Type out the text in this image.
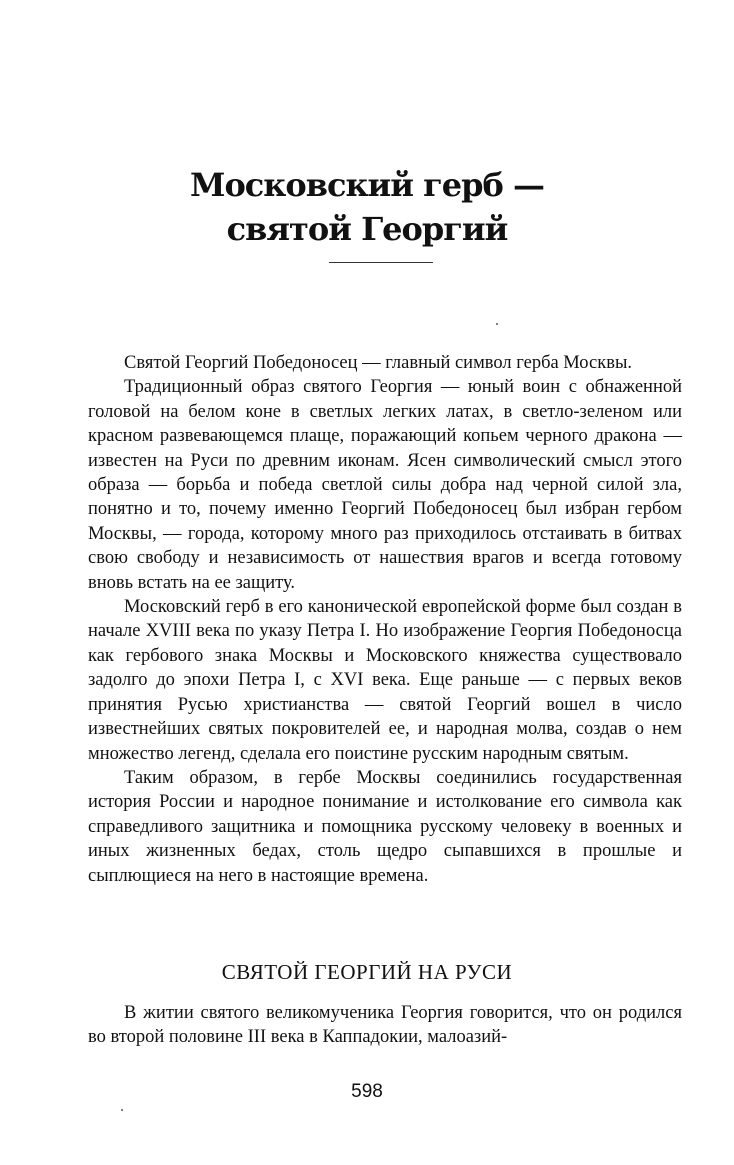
Московский герб —
святой Георгий

Святой Георгий Победоносец — главный символ герба Москвы.

Традиционный образ святого Георгия — юный воин с обнаженной головой на белом коне в светлых легких латах, в светло-зеленом или красном развевающемся плаще, поражающий копьем черного дракона — известен на Руси по древним иконам. Ясен символический смысл этого образа — борьба и победа светлой силы добра над черной силой зла, понятно и то, почему именно Георгий Победоносец был избран гербом Москвы, — города, которому много раз приходилось отстаивать в битвах свою свободу и независимость от нашествия врагов и всегда готовому вновь встать на ее защиту.

Московский герб в его канонической европейской форме был создан в начале XVIII века по указу Петра I. Но изображение Георгия Победоносца как гербового знака Москвы и Московского княжества существовало задолго до эпохи Петра I, с XVI века. Еще раньше — с первых веков принятия Русью христианства — святой Георгий вошел в число известнейших святых покровителей ее, и народная молва, создав о нем множество легенд, сделала его поистине русским народным святым.

Таким образом, в гербе Москвы соединились государственная история России и народное понимание и истолкование его символа как справедливого защитника и помощника русскому человеку в военных и иных жизненных бедах, столь щедро сыпавшихся в прошлые и сыплющиеся на него в настоящие времена.

СВЯТОЙ ГЕОРГИЙ НА РУСИ

В житии святого великомученика Георгия говорится, что он родился во второй половине III века в Каппадокии, малоазий-

598
